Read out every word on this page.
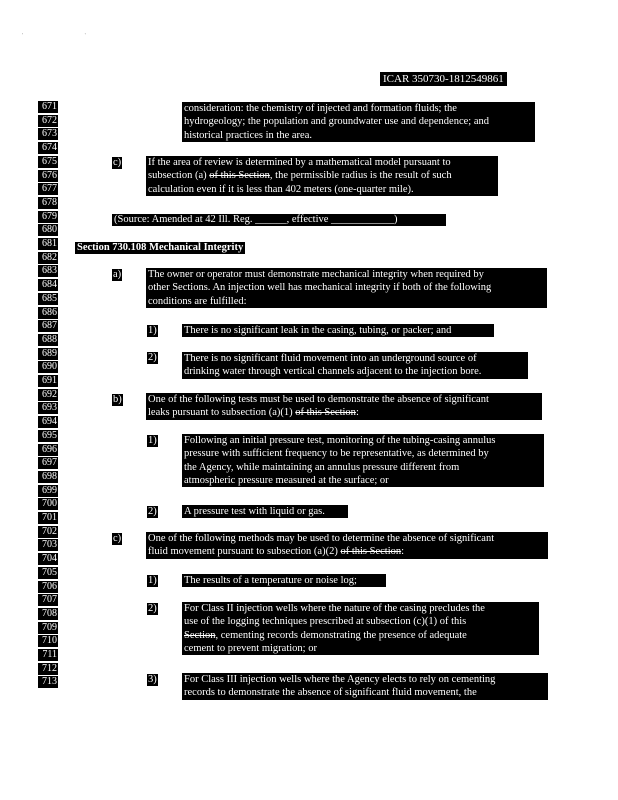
' '
ICAR 350730-1812549861
671
672
673
674
675
676
677
678
679
680
681
682
683
684
685
686
687
688
689
690
691
692
693
694
695
696
697
698
699
700
701
702
703
704
705
706
707
708
709
710
711
712
713
consideration: the chemistry of injected and formation fluids; the
hydrogeology; the population and groundwater use and dependence; and
historical practices in the area.
c)	If the area of review is determined by a mathematical model pursuant to
subsection (a) of this Section, the permissible radius is the result of such
calculation even if it is less than 402 meters (one-quarter mile).
(Source: Amended at 42 Ill. Reg. ______, effective ____________)
Section 730.108 Mechanical Integrity
a)	The owner or operator must demonstrate mechanical integrity when required by
other Sections. An injection well has mechanical integrity if both of the following
conditions are fulfilled:
1)	There is no significant leak in the casing, tubing, or packer; and
2)	There is no significant fluid movement into an underground source of
drinking water through vertical channels adjacent to the injection bore.
b)	One of the following tests must be used to demonstrate the absence of significant
leaks pursuant to subsection (a)(1) of this Section:
1)	Following an initial pressure test, monitoring of the tubing-casing annulus
pressure with sufficient frequency to be representative, as determined by
the Agency, while maintaining an annulus pressure different from
atmospheric pressure measured at the surface; or
2)	A pressure test with liquid or gas.
c)	One of the following methods may be used to determine the absence of significant
fluid movement pursuant to subsection (a)(2) of this Section:
1)	The results of a temperature or noise log;
2)	For Class II injection wells where the nature of the casing precludes the
use of the logging techniques prescribed at subsection (c)(1) of this
Section, cementing records demonstrating the presence of adequate
cement to prevent migration; or
3)	For Class III injection wells where the Agency elects to rely on cementing
records to demonstrate the absence of significant fluid movement, the
